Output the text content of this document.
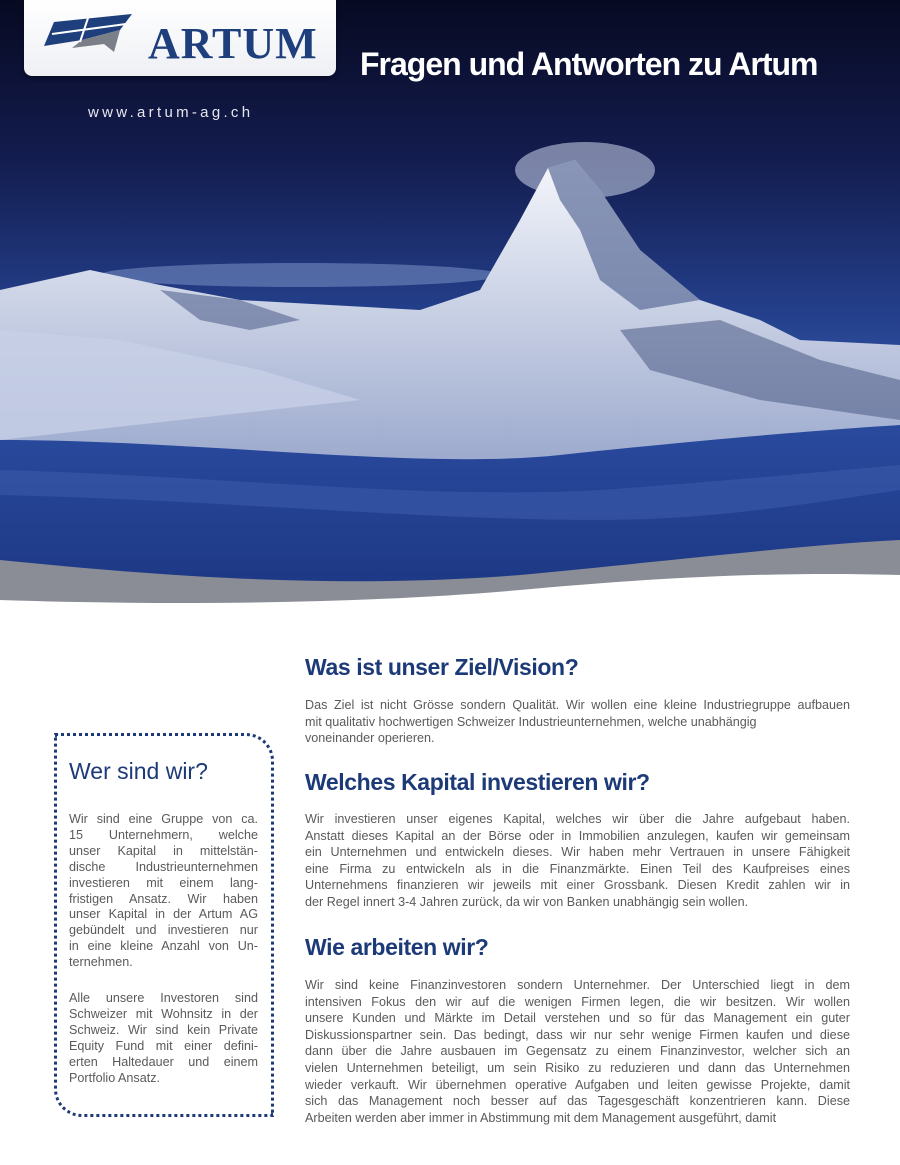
ARTUM Fragen und Antworten zu Artum
www.artum-ag.ch
Was ist unser Ziel/Vision?
Das Ziel ist nicht Grösse sondern Qualität. Wir wollen eine kleine Industriegruppe aufbauen
mit qualitativ hochwertigen Schweizer Industrieunternehmen, welche unabhängig
voneinander operieren.
Welches Kapital investieren wir?
Wir investieren unser eigenes Kapital, welches wir über die Jahre aufgebaut haben.
Anstatt dieses Kapital an der Börse oder in Immobilien anzulegen, kaufen wir gemeinsam
ein Unternehmen und entwickeln dieses. Wir haben mehr Vertrauen in unsere Fähigkeit
eine Firma zu entwickeln als in die Finanzmärkte. Einen Teil des Kaufpreises eines
Unternehmens finanzieren wir jeweils mit einer Grossbank. Diesen Kredit zahlen wir in
der Regel innert 3-4 Jahren zurück, da wir von Banken unabhängig sein wollen.
Wie arbeiten wir?
Wir sind keine Finanzinvestoren sondern Unternehmer. Der Unterschied liegt in dem
intensiven Fokus den wir auf die wenigen Firmen legen, die wir besitzen. Wir wollen
unsere Kunden und Märkte im Detail verstehen und so für das Management ein guter
Diskussionspartner sein. Das bedingt, dass wir nur sehr wenige Firmen kaufen und diese
dann über die Jahre ausbauen im Gegensatz zu einem Finanzinvestor, welcher sich an
vielen Unternehmen beteiligt, um sein Risiko zu reduzieren und dann das Unternehmen
wieder verkauft. Wir übernehmen operative Aufgaben und leiten gewisse Projekte, damit
sich das Management noch besser auf das Tagesgeschäft konzentrieren kann. Diese
Arbeiten werden aber immer in Abstimmung mit dem Management ausgeführt, damit
Wer sind wir?
Wir sind eine Gruppe von ca.
15 Unternehmern, welche
unser Kapital in mittelstän-
dische Industrieunternehmen
investieren mit einem lang-
fristigen Ansatz. Wir haben
unser Kapital in der Artum AG
gebündelt und investieren nur
in eine kleine Anzahl von Un-
ternehmen.
Alle unsere Investoren sind
Schweizer mit Wohnsitz in der
Schweiz. Wir sind kein Private
Equity Fund mit einer defini-
erten Haltedauer und einem
Portfolio Ansatz.
